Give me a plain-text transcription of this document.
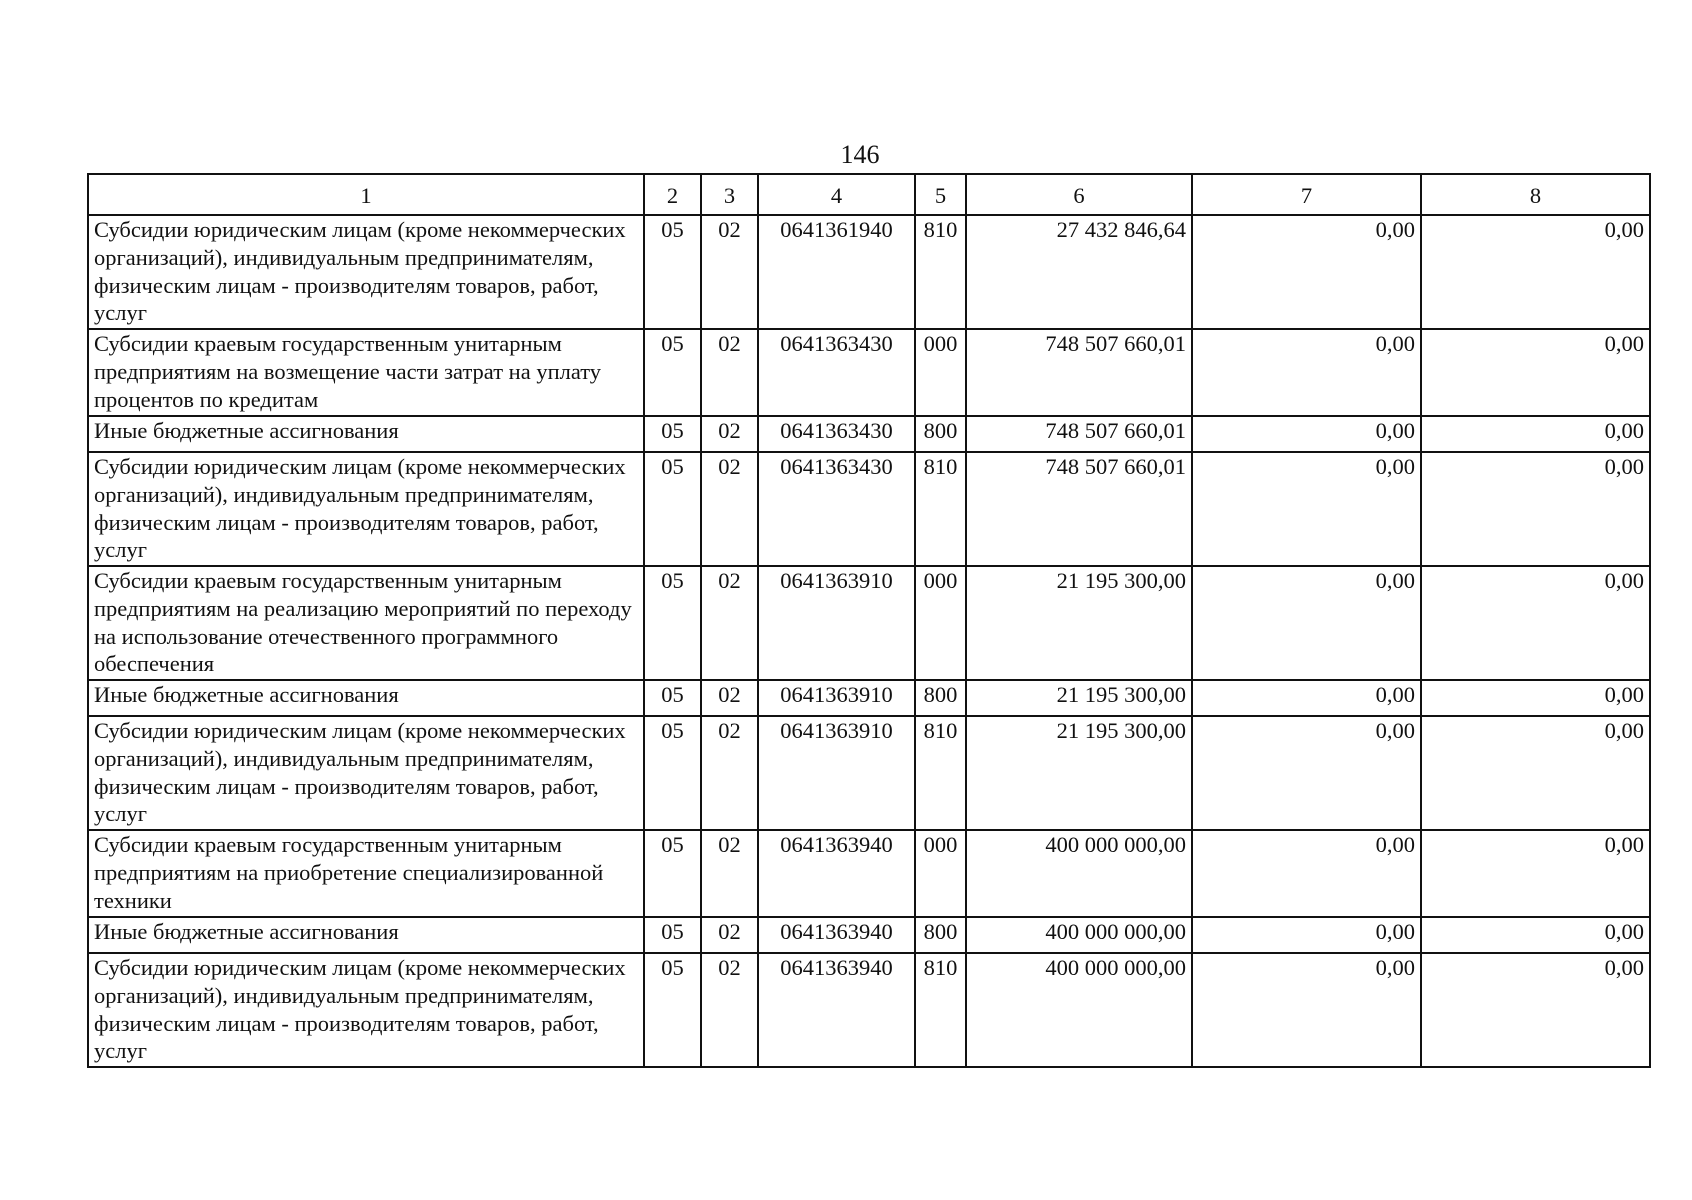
146
1	2	3	4	5	6	7	8
Субсидии юридическим лицам (кроме некоммерческих организаций), индивидуальным предпринимателям, физическим лицам - производителям товаров, работ, услуг	05	02	0641361940	810	27 432 846,64	0,00	0,00
Субсидии краевым государственным унитарным предприятиям на возмещение части затрат на уплату процентов по кредитам	05	02	0641363430	000	748 507 660,01	0,00	0,00
Иные бюджетные ассигнования	05	02	0641363430	800	748 507 660,01	0,00	0,00
Субсидии юридическим лицам (кроме некоммерческих организаций), индивидуальным предпринимателям, физическим лицам - производителям товаров, работ, услуг	05	02	0641363430	810	748 507 660,01	0,00	0,00
Субсидии краевым государственным унитарным предприятиям на реализацию мероприятий по переходу на использование отечественного программного обеспечения	05	02	0641363910	000	21 195 300,00	0,00	0,00
Иные бюджетные ассигнования	05	02	0641363910	800	21 195 300,00	0,00	0,00
Субсидии юридическим лицам (кроме некоммерческих организаций), индивидуальным предпринимателям, физическим лицам - производителям товаров, работ, услуг	05	02	0641363910	810	21 195 300,00	0,00	0,00
Субсидии краевым государственным унитарным предприятиям на приобретение специализированной техники	05	02	0641363940	000	400 000 000,00	0,00	0,00
Иные бюджетные ассигнования	05	02	0641363940	800	400 000 000,00	0,00	0,00
Субсидии юридическим лицам (кроме некоммерческих организаций), индивидуальным предпринимателям, физическим лицам - производителям товаров, работ, услуг	05	02	0641363940	810	400 000 000,00	0,00	0,00
